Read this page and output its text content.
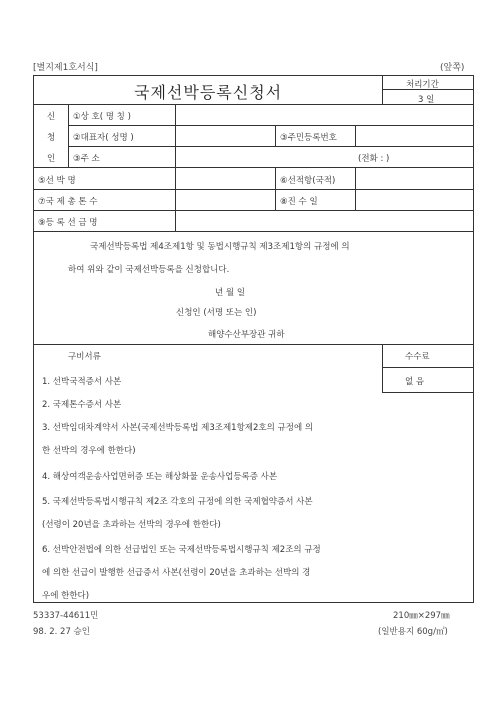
[별지제1호서식]	(앞쪽)
국제선박등록신청서	처리기간
3 일
신
청
인
①상 호( 명 칭 )
②대표자( 성명 )	③주민등록번호
③주 소	(전화 : )
⑤선 박 명	⑥선적항(국적)
⑦국 제 총 톤 수	⑧진 수 일
⑨등 록 선 금 명
국제선박등록법 제4조제1항 및 동법시행규칙 제3조제1항의 규정에 의
하여 위와 같이 국제선박등록을 신청합니다.
년 월 일
신청인 (서명 또는 인)
해양수산부장관 귀하
구비서류	수수료
없 음
1. 선박국적증서 사본
2. 국제톤수증서 사본
3. 선박임대차계약서 사본(국제선박등록법 제3조제1항제2호의 규정에 의
한 선박의 경우에 한한다)
4. 해상여객운송사업면허증 또는 해상화물 운송사업등록증 사본
5. 국제선박등록법시행규칙 제2조 각호의 규정에 의한 국제협약증서 사본
(선령이 20년을 초과하는 선박의 경우에 한한다)
6. 선박안전법에 의한 선급법인 또는 국제선박등록법시행규칙 제2조의 규정
에 의한 선급이 발행한 선급증서 사본(선령이 20년을 초과하는 선박의 경
우에 한한다)
53337-44611민
98. 2. 27 승인
210㎜×297㎜
(일반용지 60g/㎡)
